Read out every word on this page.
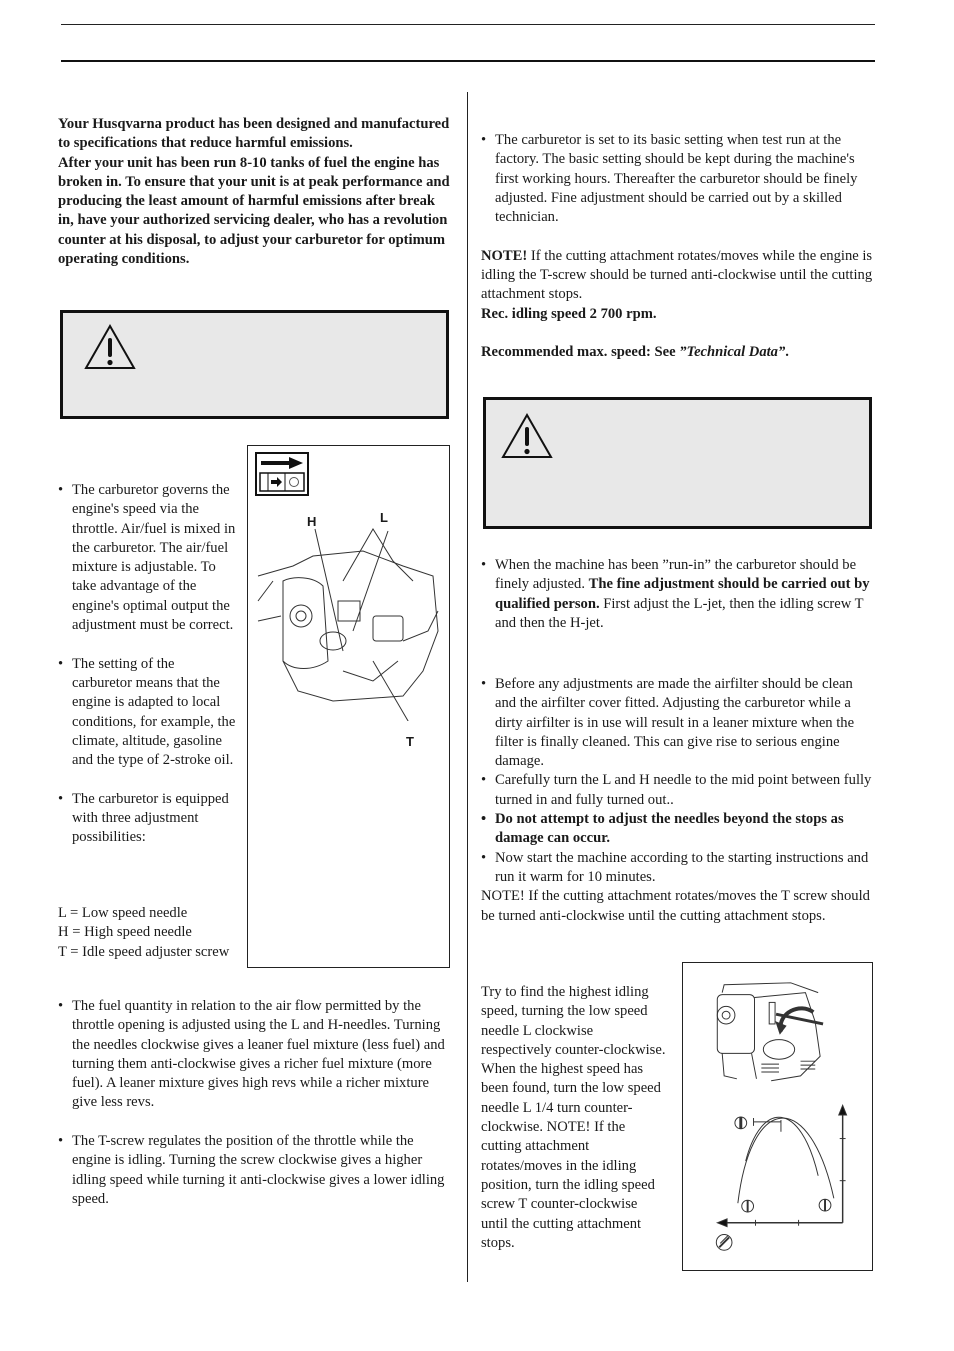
Your Husqvarna product has been designed and manufactured to specifications that reduce harmful emissions.

After your unit has been run 8-10 tanks of fuel the engine has broken in. To ensure that your unit is at peak performance and producing the least amount of harmful emissions after break in, have your authorized servicing dealer, who has a revolution counter at his disposal, to adjust your carburetor for optimum operating conditions.

• The carburetor governs the engine's speed via the throttle. Air/fuel is mixed in the carburetor. The air/fuel mixture is adjustable. To take advantage of the engine's optimal output the adjustment must be correct.
• The setting of the carburetor means that the engine is adapted to local conditions, for example, the climate, altitude, gasoline and the type of 2-stroke oil.
• The carburetor is equipped with three adjustment possibilities:

L = Low speed needle

H = High speed needle

T = Idle speed adjuster screw

H	L
T
• The fuel quantity in relation to the air flow permitted by the throttle opening is adjusted using the L and H-needles. Turning the needles clockwise gives a leaner fuel mixture (less fuel) and turning them anti-clockwise gives a richer fuel mixture (more fuel). A leaner mixture gives high revs while a richer mixture give less revs.
• The T-screw regulates the position of the throttle while the engine is idling. Turning the screw clockwise gives a higher idling speed while turning it anti-clockwise gives a lower idling speed.
• The carburetor is set to its basic setting when test run at the factory. The basic setting should be kept during the machine's first working hours. Thereafter the carburetor should be finely adjusted. Fine adjustment should be carried out by a skilled technician.

NOTE! If the cutting attachment rotates/moves while the engine is idling the T-screw should be turned anti-clockwise until the cutting attachment stops.

Rec. idling speed 2 700 rpm.

Recommended max. speed: See ”Technical Data”.

• When the machine has been ”run-in” the carburetor should be finely adjusted. The fine adjustment should be carried out by qualified person. First adjust the L-jet, then the idling screw T and then the H-jet.
• Before any adjustments are made the airfilter should be clean and the airfilter cover fitted. Adjusting the carburetor while a dirty airfilter is in use will result in a leaner mixture when the filter is finally cleaned. This can give rise to serious engine damage.
• Carefully turn the L and H needle to the mid point between fully turned in and fully turned out..
• Do not attempt to adjust the needles beyond the stops as damage can occur.
• Now start the machine according to the starting instructions and run it warm for 10 minutes.

NOTE! If the cutting attachment rotates/moves the T screw should be turned anti-clockwise until the cutting attachment stops.

Try to find the highest idling speed, turning the low speed needle L clockwise respectively counter-clockwise. When the highest speed has been found, turn the low speed needle L 1/4 turn counter-clockwise. NOTE! If the cutting attachment rotates/moves in the idling position, turn the idling speed screw T counter-clockwise until the cutting attachment stops.
